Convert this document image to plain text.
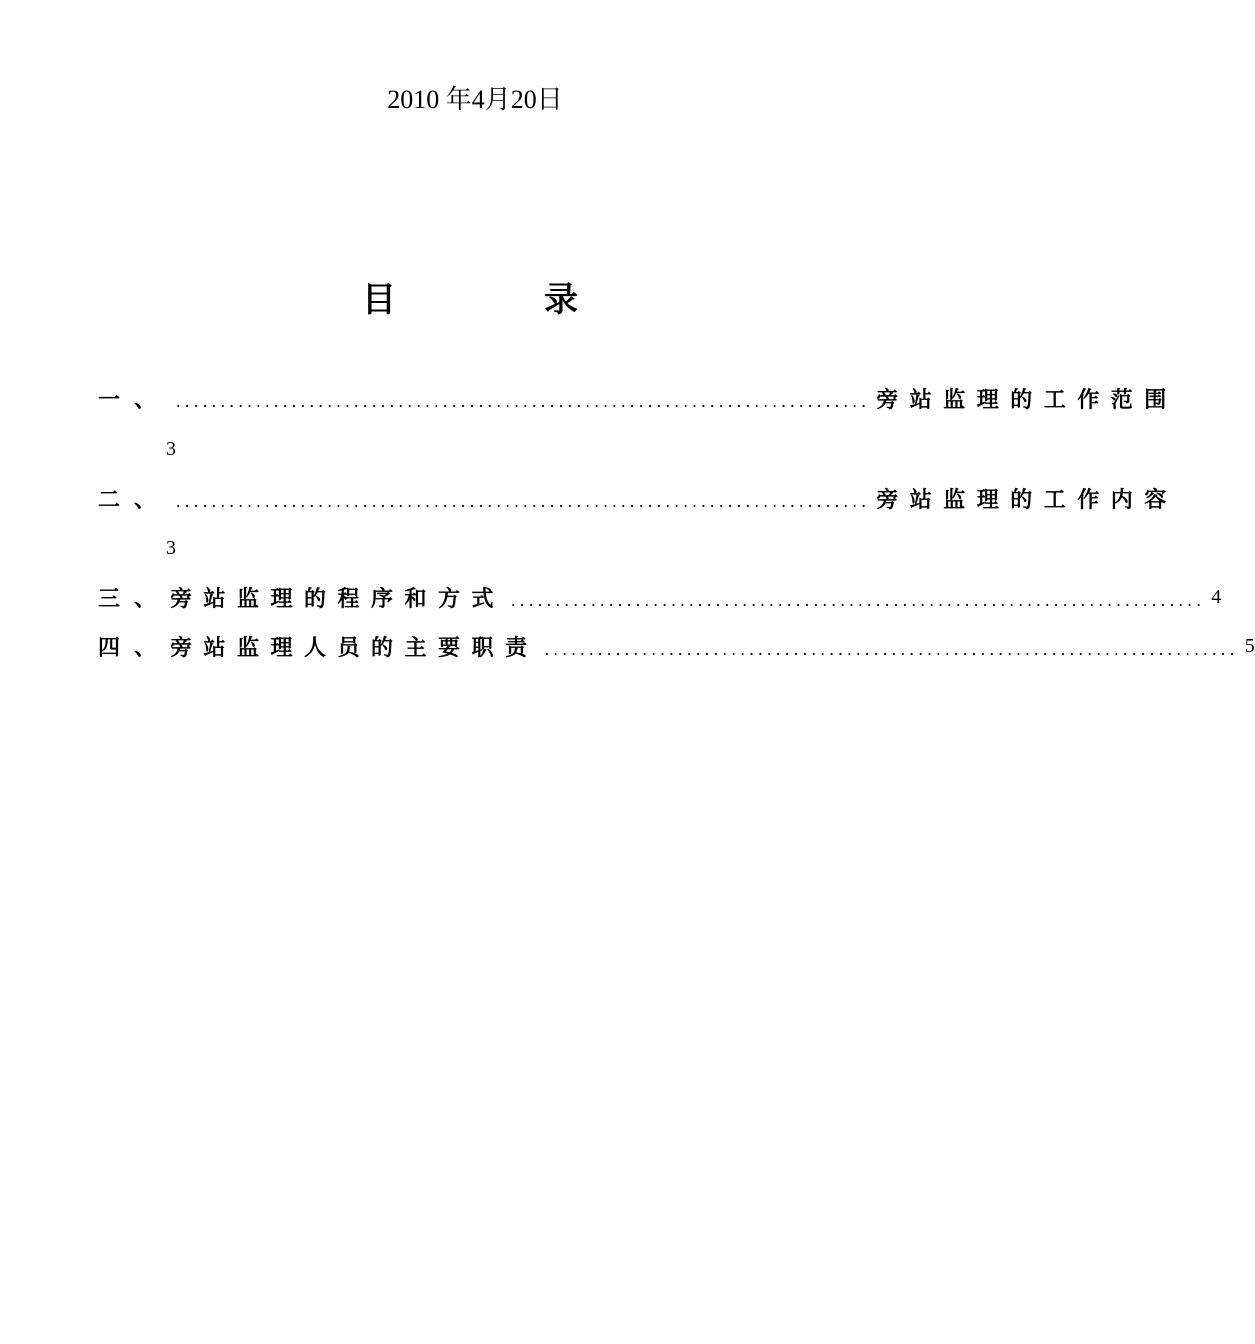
2010 年4月20日
目	录
一、 .............................................................................. 旁站监理的工作范围
3
二、 .............................................................................. 旁站监理的工作内容
3
三、 旁站监理的程序和方式 .............................................................................. 4
四、 旁站监理人员的主要职责 .............................................................................. 5
